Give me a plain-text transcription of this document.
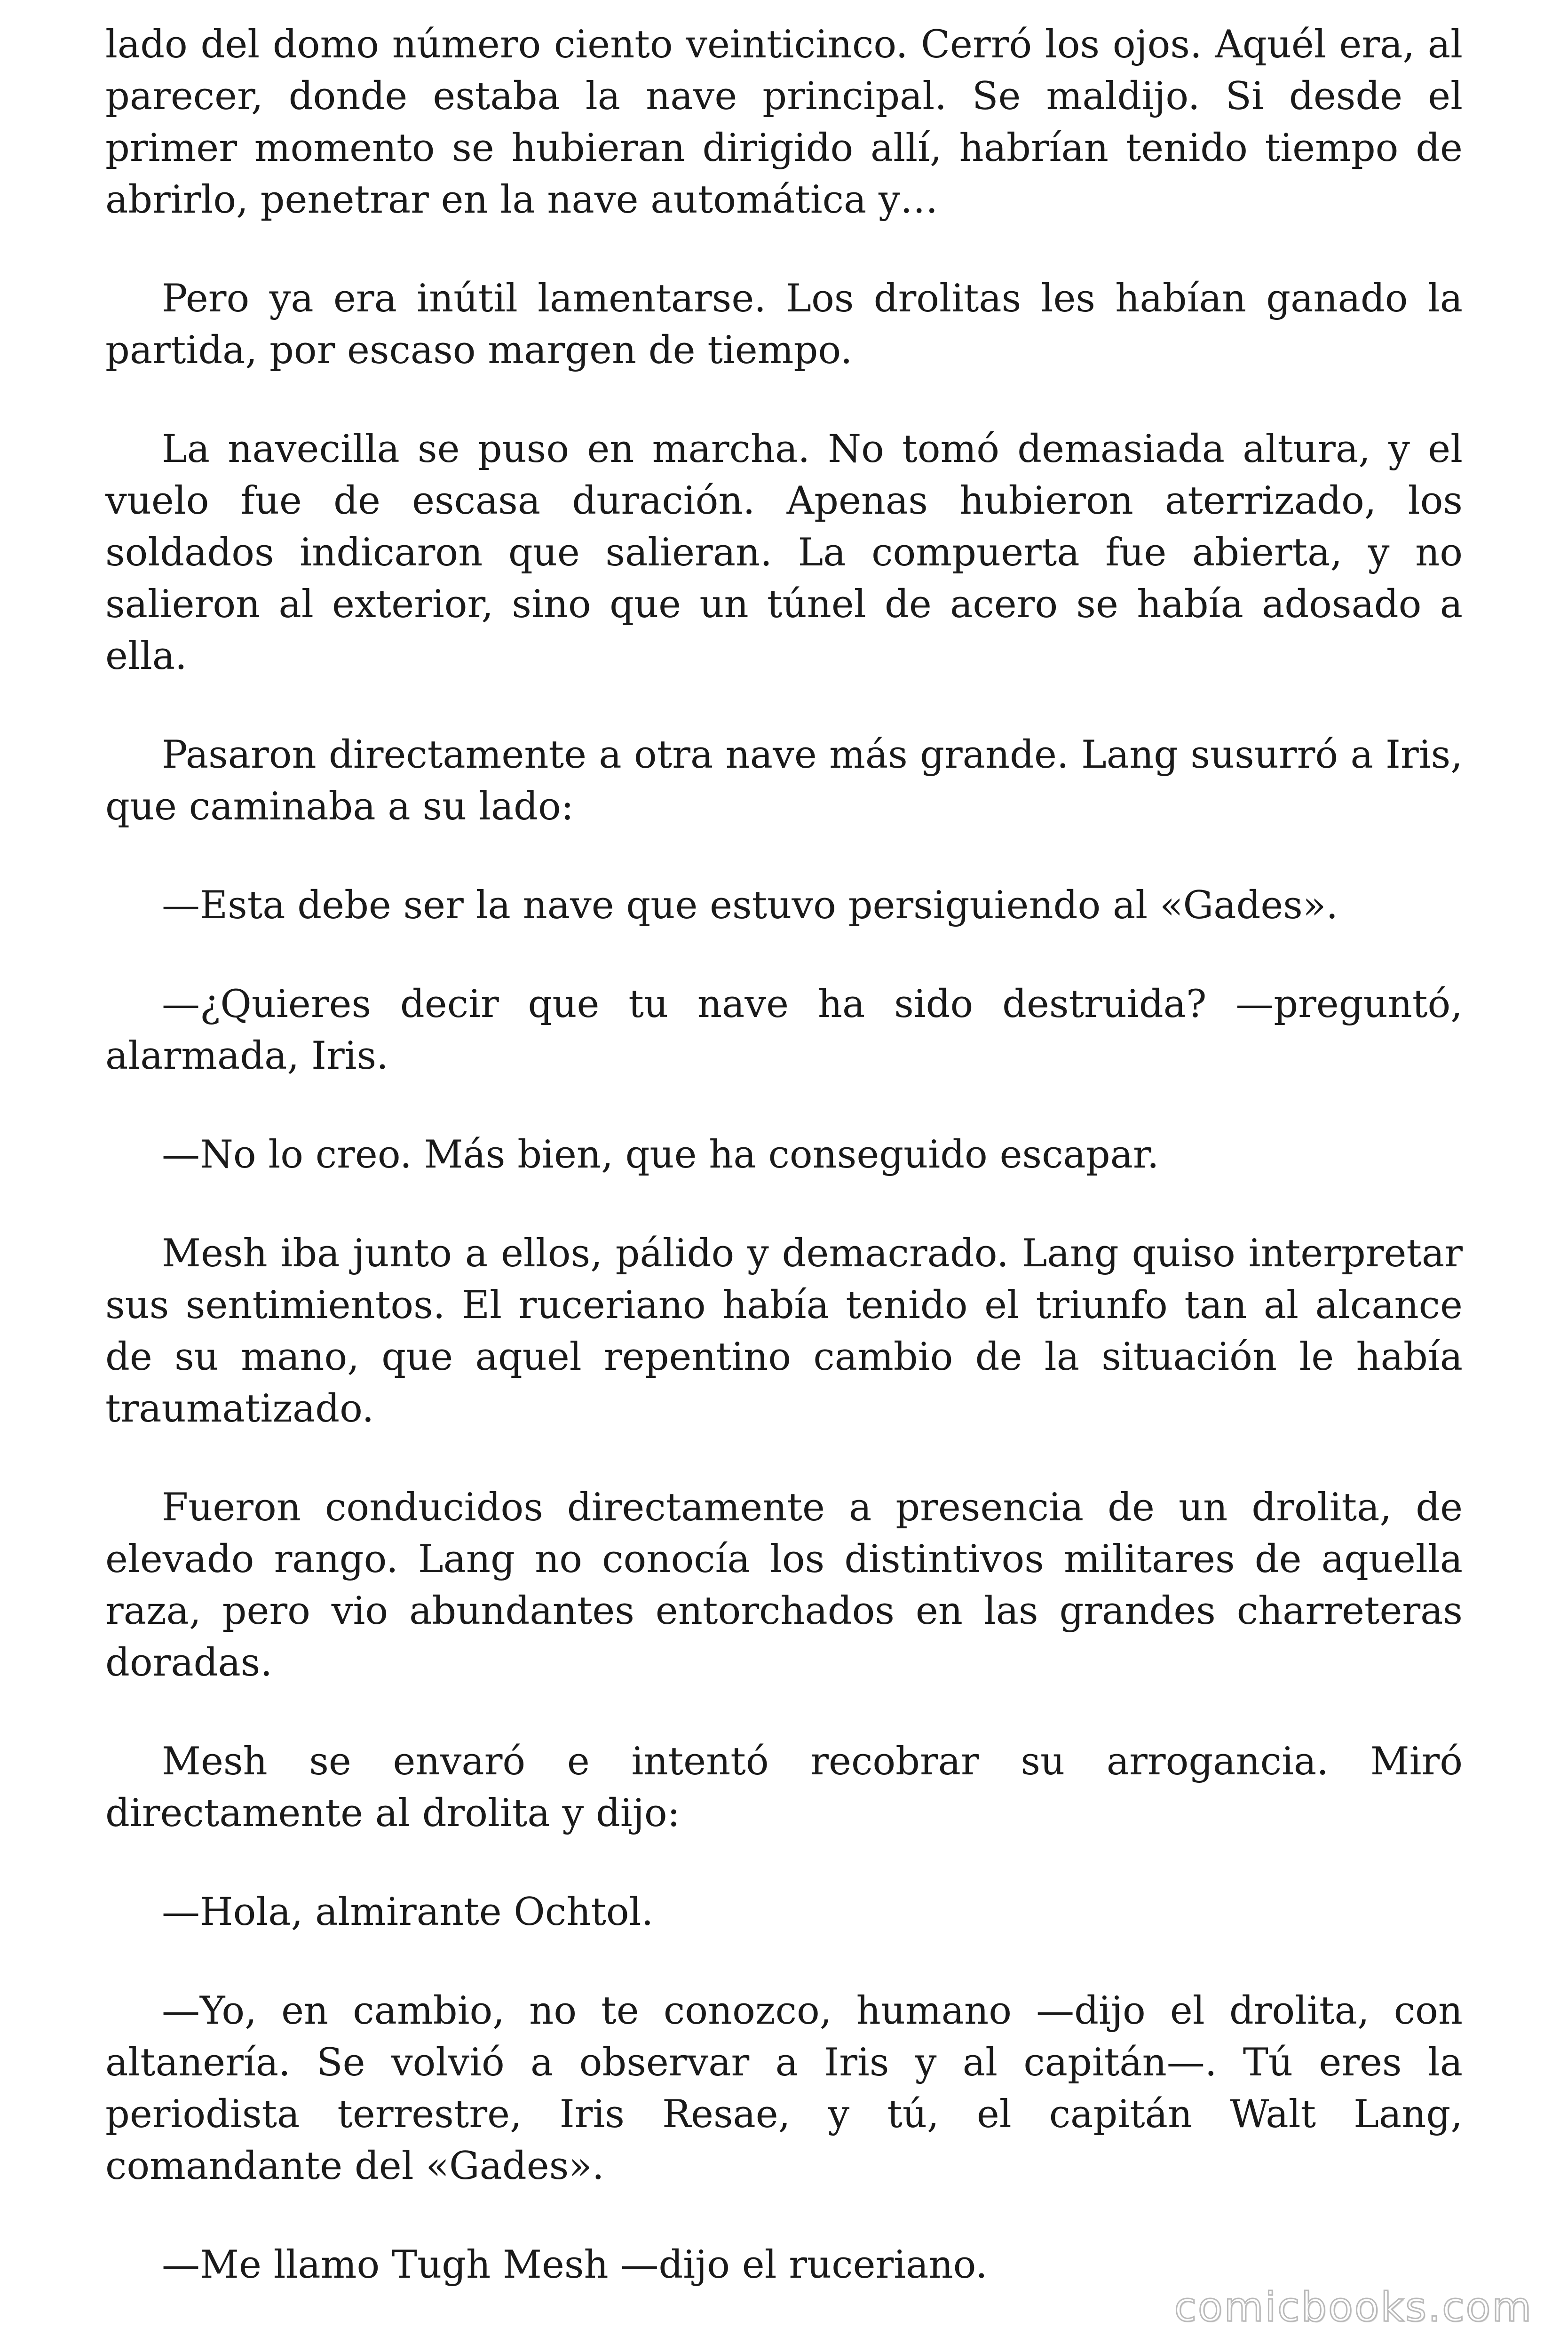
lado del domo número ciento veinticinco. Cerró los ojos. Aquél era, al parecer, donde estaba la nave principal. Se maldijo. Si desde el primer momento se hubieran dirigido allí, habrían tenido tiempo de abrirlo, penetrar en la nave automática y…

Pero ya era inútil lamentarse. Los drolitas les habían ganado la partida, por escaso margen de tiempo.

La navecilla se puso en marcha. No tomó demasiada altura, y el vuelo fue de escasa duración. Apenas hubieron aterrizado, los soldados indicaron que salieran. La compuerta fue abierta, y no salieron al exterior, sino que un túnel de acero se había adosado a ella.

Pasaron directamente a otra nave más grande. Lang susurró a Iris, que caminaba a su lado:

—Esta debe ser la nave que estuvo persiguiendo al «Gades».

—¿Quieres decir que tu nave ha sido destruida? —preguntó, alarmada, Iris.

—No lo creo. Más bien, que ha conseguido escapar.

Mesh iba junto a ellos, pálido y demacrado. Lang quiso interpretar sus sentimientos. El ruceriano había tenido el triunfo tan al alcance de su mano, que aquel repentino cambio de la situación le había traumatizado.

Fueron conducidos directamente a presencia de un drolita, de elevado rango. Lang no conocía los distintivos militares de aquella raza, pero vio abundantes entorchados en las grandes charreteras doradas.

Mesh se envaró e intentó recobrar su arrogancia. Miró directamente al drolita y dijo:

—Hola, almirante Ochtol.

—Yo, en cambio, no te conozco, humano —dijo el drolita, con altanería. Se volvió a observar a Iris y al capitán—. Tú eres la periodista terrestre, Iris Resae, y tú, el capitán Walt Lang, comandante del «Gades».

—Me llamo Tugh Mesh —dijo el ruceriano.

comicbooks.com
